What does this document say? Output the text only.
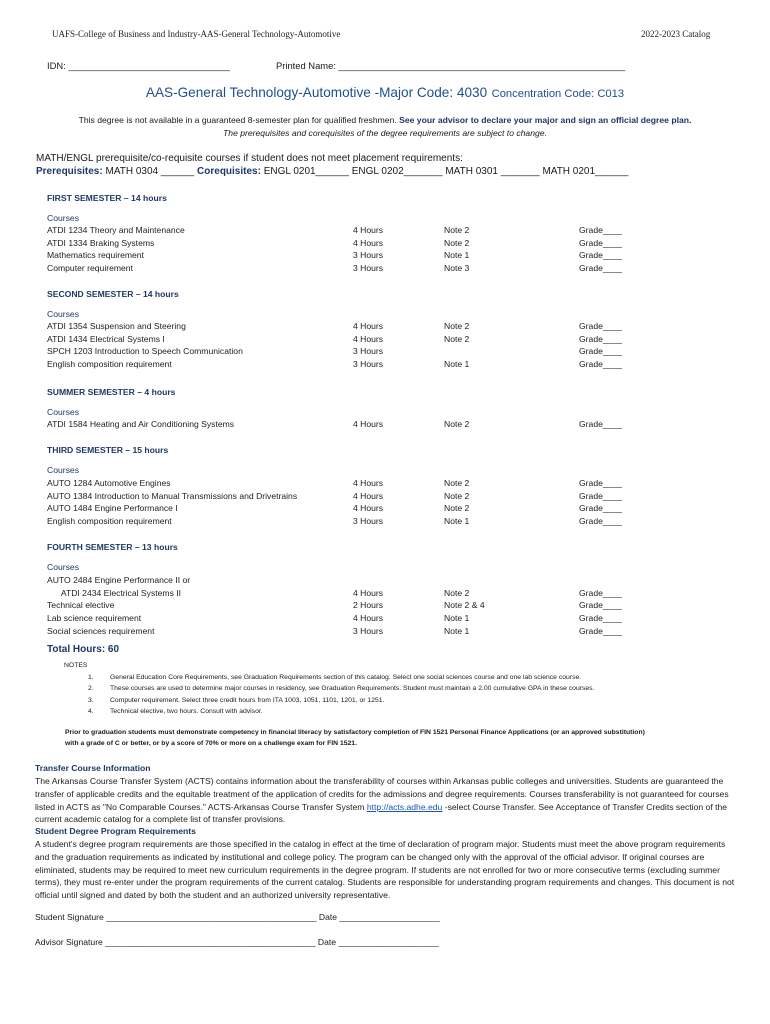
UAFS-College of Business and Industry-AAS-General Technology-Automotive	2022-2023 Catalog
IDN: _______________________________	Printed Name: _______________________________________________________
AAS-General Technology-Automotive -Major Code: 4030 Concentration Code: C013
This degree is not available in a guaranteed 8-semester plan for qualified freshmen. See your advisor to declare your major and sign an official degree plan.
The prerequisites and corequisites of the degree requirements are subject to change.
MATH/ENGL prerequisite/co-requisite courses if student does not meet placement requirements:
Prerequisites: MATH 0304 ______ Corequisites: ENGL 0201______ ENGL 0202_______ MATH 0301 _______ MATH 0201______
FIRST SEMESTER – 14 hours
Courses
ATDI 1234 Theory and Maintenance	4 Hours	Note 2	Grade____
ATDI 1334 Braking Systems	4 Hours	Note 2	Grade____
Mathematics requirement	3 Hours	Note 1	Grade____
Computer requirement	3 Hours	Note 3	Grade____
SECOND SEMESTER – 14 hours
Courses
ATDI 1354 Suspension and Steering	4 Hours	Note 2	Grade____
ATDI 1434 Electrical Systems I	4 Hours	Note 2	Grade____
SPCH 1203 Introduction to Speech Communication	3 Hours	Grade____
English composition requirement	3 Hours	Note 1	Grade____
SUMMER SEMESTER – 4 hours
Courses
ATDI 1584 Heating and Air Conditioning Systems	4 Hours	Note 2	Grade____
THIRD SEMESTER – 15 hours
Courses
AUTO 1284 Automotive Engines	4 Hours	Note 2	Grade____
AUTO 1384 Introduction to Manual Transmissions and Drivetrains	4 Hours	Note 2	Grade____
AUTO 1484 Engine Performance I	4 Hours	Note 2	Grade____
English composition requirement	3 Hours	Note 1	Grade____
FOURTH SEMESTER – 13 hours
Courses
AUTO 2484 Engine Performance II or
ATDI 2434 Electrical Systems II	4 Hours	Note 2	Grade____
Technical elective	2 Hours	Note 2 & 4	Grade____
Lab science requirement	4 Hours	Note 1	Grade____
Social sciences requirement	3 Hours	Note 1	Grade____
Total Hours: 60
NOTES
1. General Education Core Requirements, see Graduation Requirements section of this catalog. Select one social sciences course and one lab science course.
2. These courses are used to determine major courses in residency, see Graduation Requirements. Student must maintain a 2.00 cumulative GPA in these courses.
3. Computer requirement. Select three credit hours from ITA 1003, 1051, 1101, 1201, or 1251.
4. Technical elective, two hours. Consult with advisor.
Prior to graduation students must demonstrate competency in financial literacy by satisfactory completion of FIN 1521 Personal Finance Applications (or an approved substitution)
with a grade of C or better, or by a score of 70% or more on a challenge exam for FIN 1521.
Transfer Course Information
The Arkansas Course Transfer System (ACTS) contains information about the transferability of courses within Arkansas public colleges and universities. Students are guaranteed the transfer of applicable credits and the equitable treatment of the application of credits for the admissions and degree requirements. Courses transferability is not guaranteed for courses listed in ACTS as "No Comparable Courses." ACTS-Arkansas Course Transfer System http://acts.adhe.edu -select Course Transfer. See Acceptance of Transfer Credits section of the current academic catalog for a complete list of transfer provisions.
Student Degree Program Requirements
A student's degree program requirements are those specified in the catalog in effect at the time of declaration of program major. Students must meet the above program requirements and the graduation requirements as indicated by institutional and college policy. The program can be changed only with the approval of the official advisor. If original courses are eliminated, students may be required to meet new curriculum requirements in the degree program. If students are not enrolled for two or more consecutive terms (excluding summer terms), they must re-enter under the program requirements of the current catalog. Students are responsible for understanding program requirements and changes. This document is not official until signed and dated by both the student and an authorized university representative.
Student Signature ____________________________________________ Date _____________________
Advisor Signature ____________________________________________ Date _____________________
